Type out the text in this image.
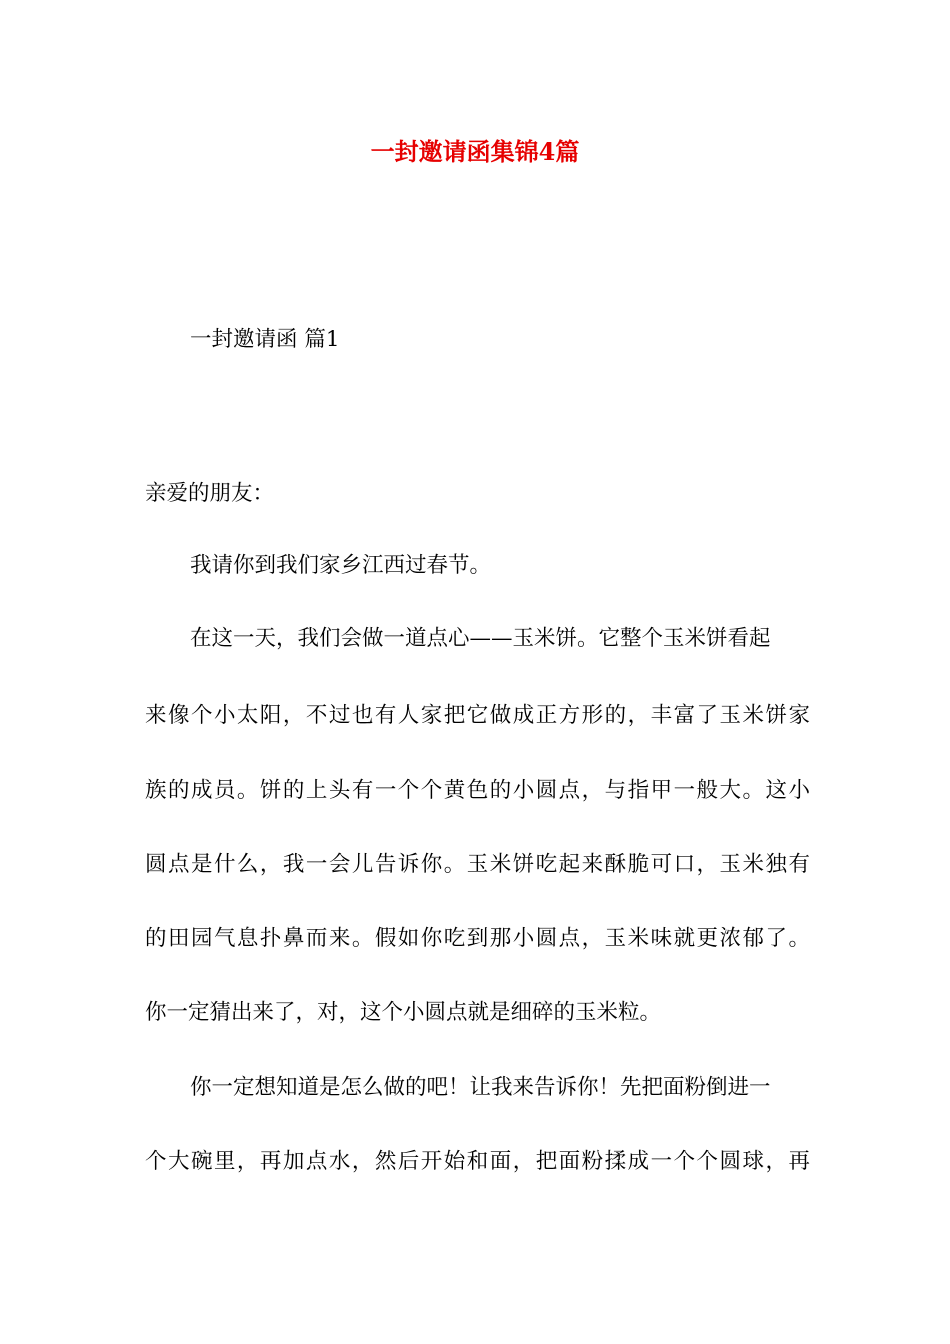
一封邀请函集锦4篇
一封邀请函 篇1
亲爱的朋友：
我请你到我们家乡江西过春节。
在这一天，我们会做一道点心——玉米饼。它整个玉米饼看起
来像个小太阳，不过也有人家把它做成正方形的，丰富了玉米饼家
族的成员。饼的上头有一个个黄色的小圆点，与指甲一般大。这小
圆点是什么，我一会儿告诉你。玉米饼吃起来酥脆可口，玉米独有
的田园气息扑鼻而来。假如你吃到那小圆点，玉米味就更浓郁了。
你一定猜出来了，对，这个小圆点就是细碎的玉米粒。
你一定想知道是怎么做的吧！让我来告诉你！先把面粉倒进一
个大碗里，再加点水，然后开始和面，把面粉揉成一个个圆球，再
